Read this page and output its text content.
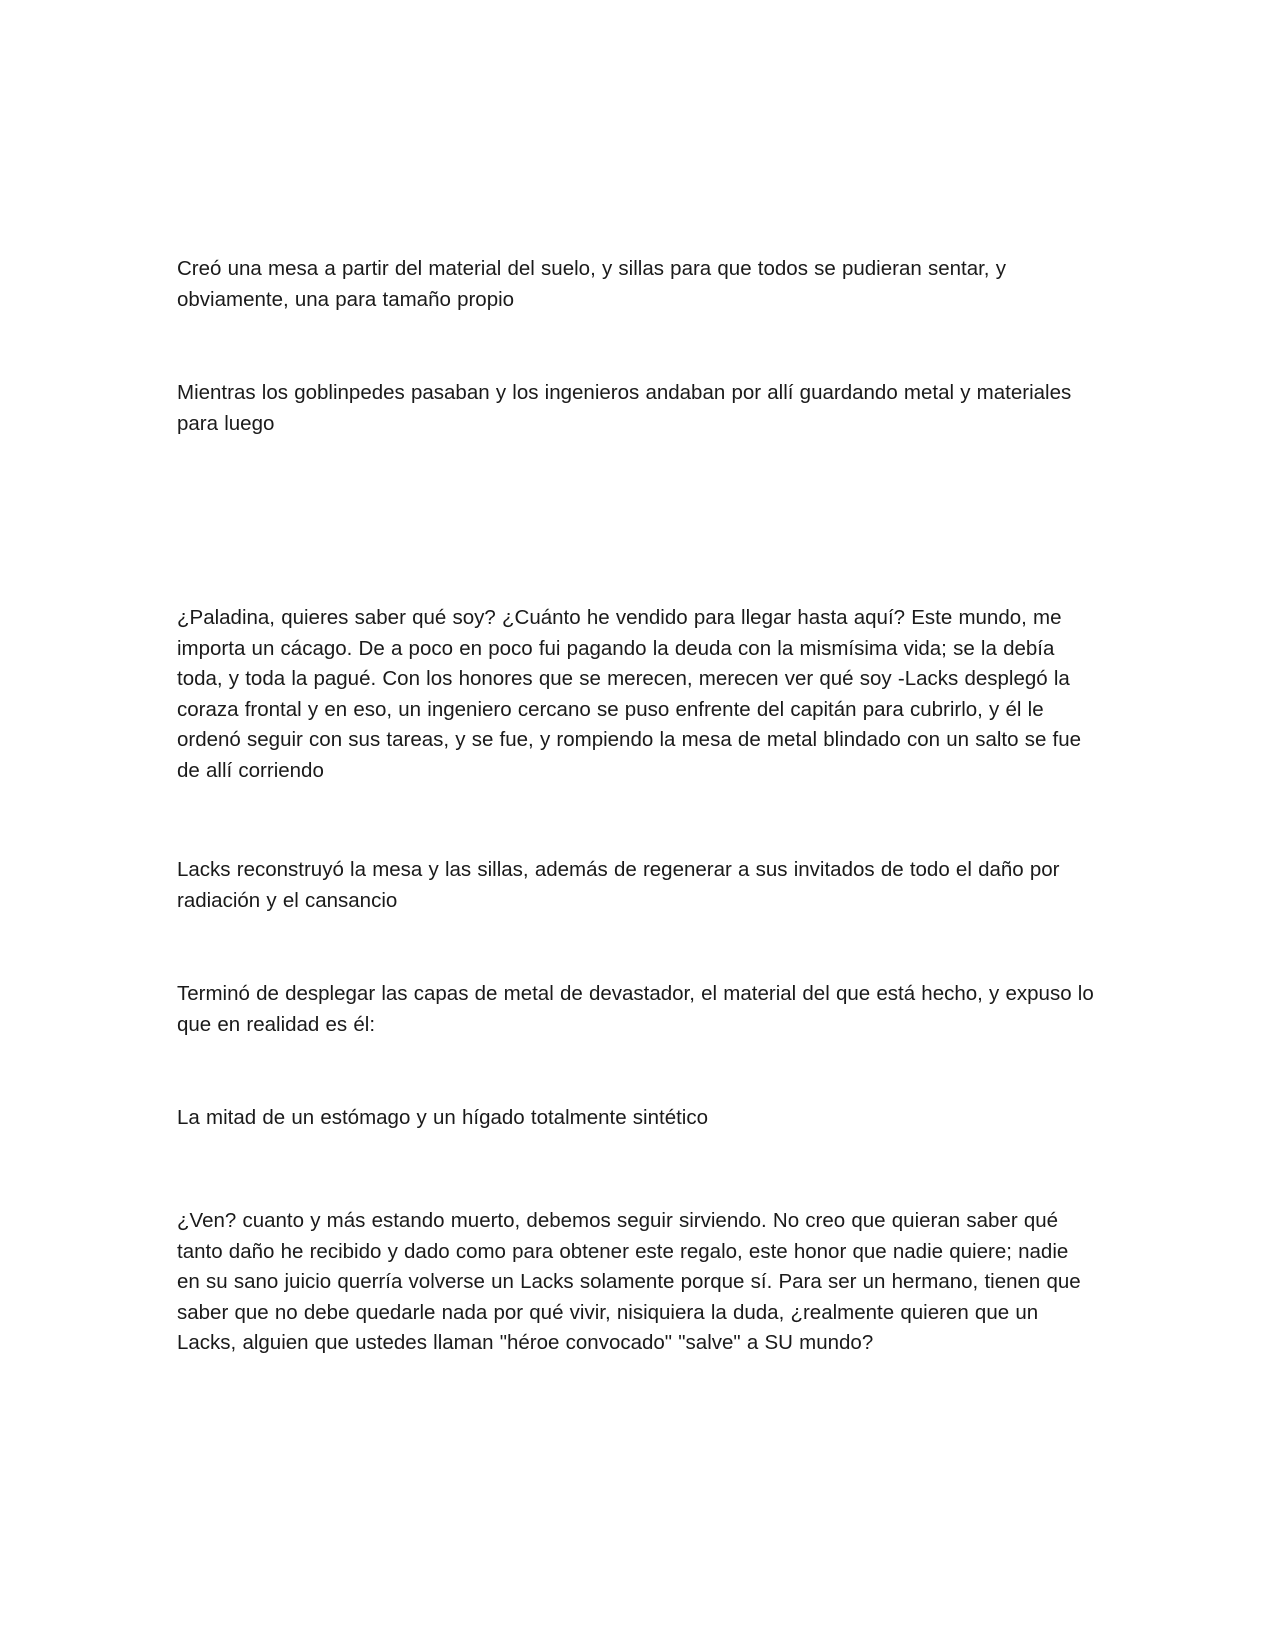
Creó una mesa a partir del material del suelo, y sillas para que todos se pudieran sentar, y obviamente, una para tamaño propio

Mientras los goblinpedes pasaban y los ingenieros andaban por allí guardando metal y materiales para luego

¿Paladina, quieres saber qué soy? ¿Cuánto he vendido para llegar hasta aquí? Este mundo, me importa un cácago. De a poco en poco fui pagando la deuda con la mismísima vida; se la debía toda, y toda la pagué. Con los honores que se merecen, merecen ver qué soy -Lacks desplegó la coraza frontal y en eso, un ingeniero cercano se puso enfrente del capitán para cubrirlo, y él le ordenó seguir con sus tareas, y se fue, y rompiendo la mesa de metal blindado con un salto se fue de allí corriendo

Lacks reconstruyó la mesa y las sillas, además de regenerar a sus invitados de todo el daño por radiación y el cansancio

Terminó de desplegar las capas de metal de devastador, el material del que está hecho, y expuso lo que en realidad es él:

La mitad de un estómago y un hígado totalmente sintético

¿Ven? cuanto y más estando muerto, debemos seguir sirviendo. No creo que quieran saber qué tanto daño he recibido y dado como para obtener este regalo, este honor que nadie quiere; nadie en su sano juicio querría volverse un Lacks solamente porque sí. Para ser un hermano, tienen que saber que no debe quedarle nada por qué vivir, nisiquiera la duda, ¿realmente quieren que un Lacks, alguien que ustedes llaman "héroe convocado" "salve" a SU mundo?
